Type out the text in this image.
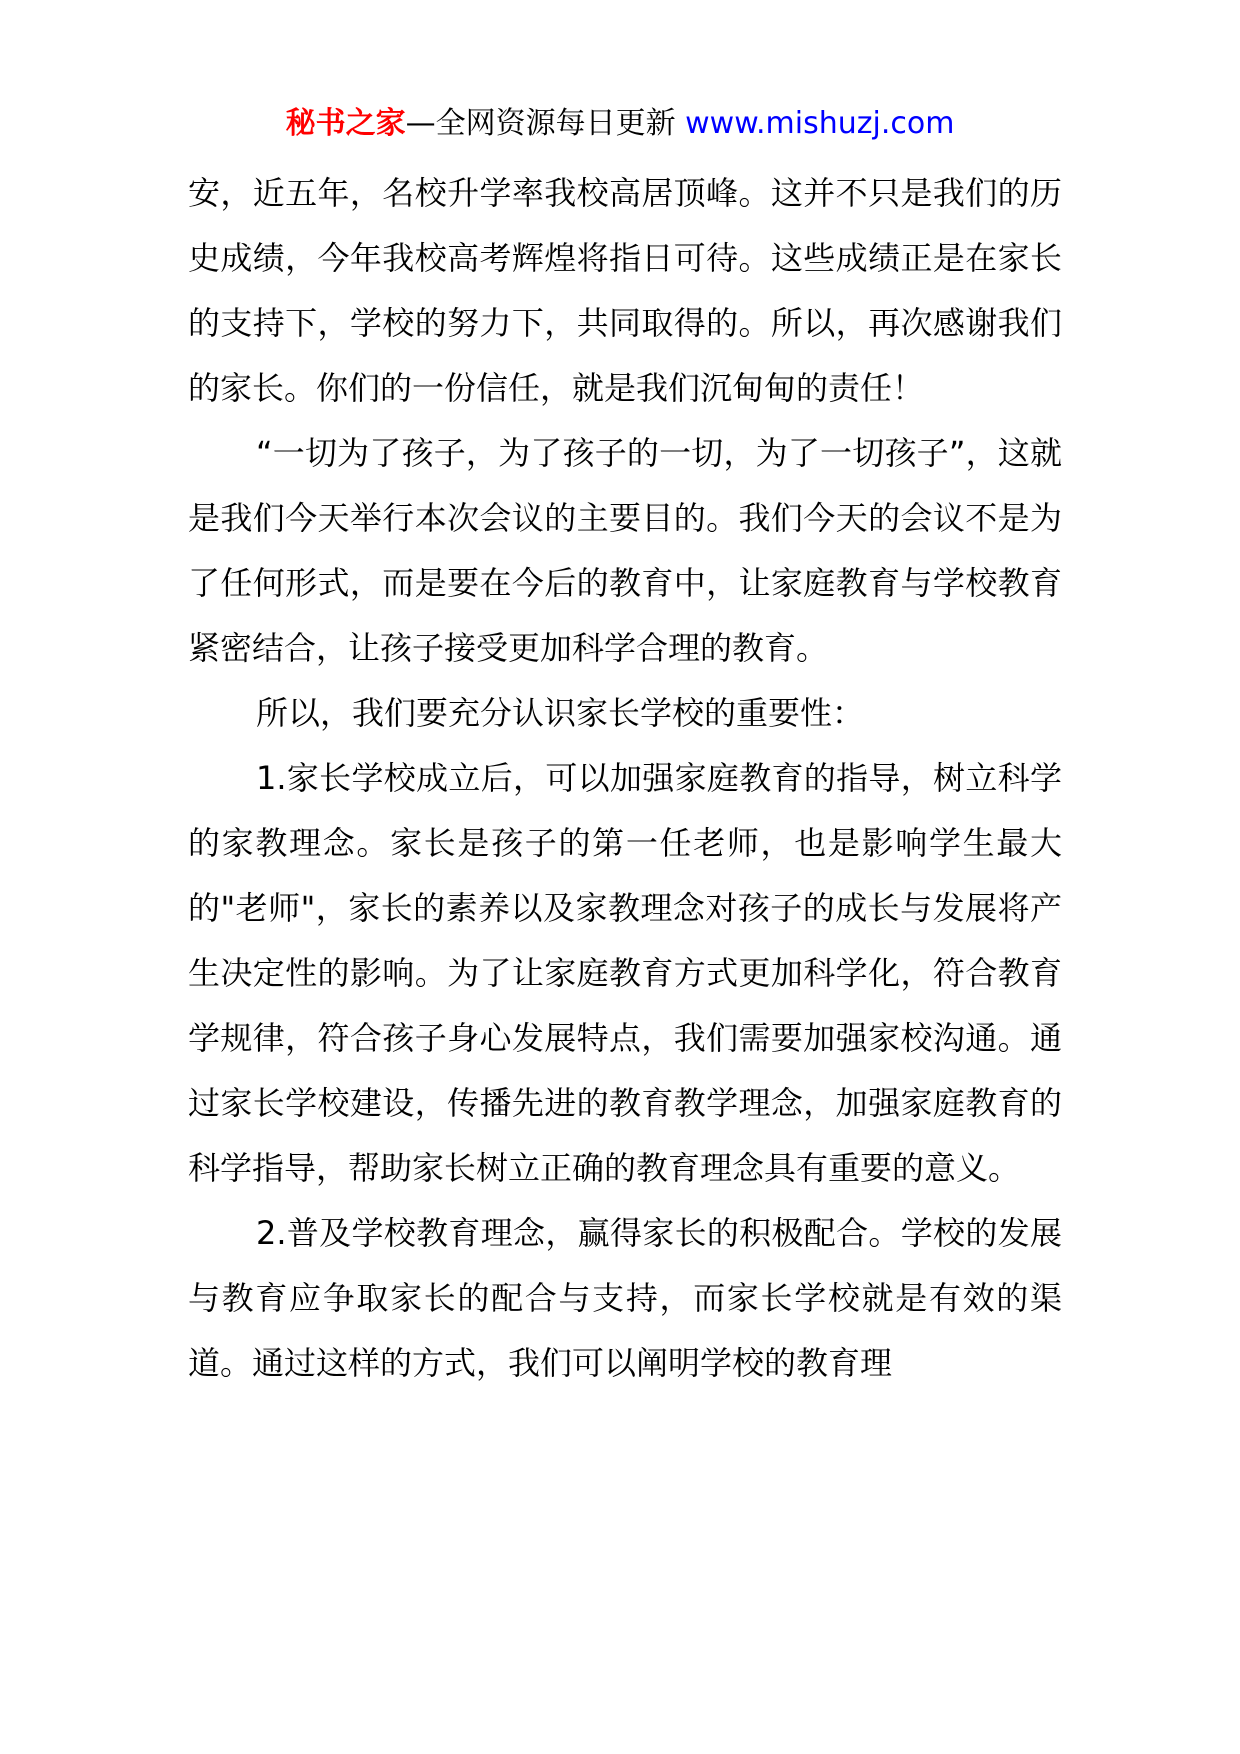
秘书之家—全网资源每日更新 www.mishuzj.com

安，近五年，名校升学率我校高居顶峰。这并不只是我们的历史成绩，今年我校高考辉煌将指日可待。这些成绩正是在家长的支持下，学校的努力下，共同取得的。所以，再次感谢我们的家长。你们的一份信任，就是我们沉甸甸的责任！

“一切为了孩子，为了孩子的一切，为了一切孩子”，这就是我们今天举行本次会议的主要目的。我们今天的会议不是为了任何形式，而是要在今后的教育中，让家庭教育与学校教育紧密结合，让孩子接受更加科学合理的教育。

所以，我们要充分认识家长学校的重要性：

1.家长学校成立后，可以加强家庭教育的指导，树立科学的家教理念。家长是孩子的第一任老师，也是影响学生最大的"老师"，家长的素养以及家教理念对孩子的成长与发展将产生决定性的影响。为了让家庭教育方式更加科学化，符合教育学规律，符合孩子身心发展特点，我们需要加强家校沟通。通过家长学校建设，传播先进的教育教学理念，加强家庭教育的科学指导，帮助家长树立正确的教育理念具有重要的意义。

2.普及学校教育理念，赢得家长的积极配合。学校的发展与教育应争取家长的配合与支持，而家长学校就是有效的渠道。通过这样的方式，我们可以阐明学校的教育理
